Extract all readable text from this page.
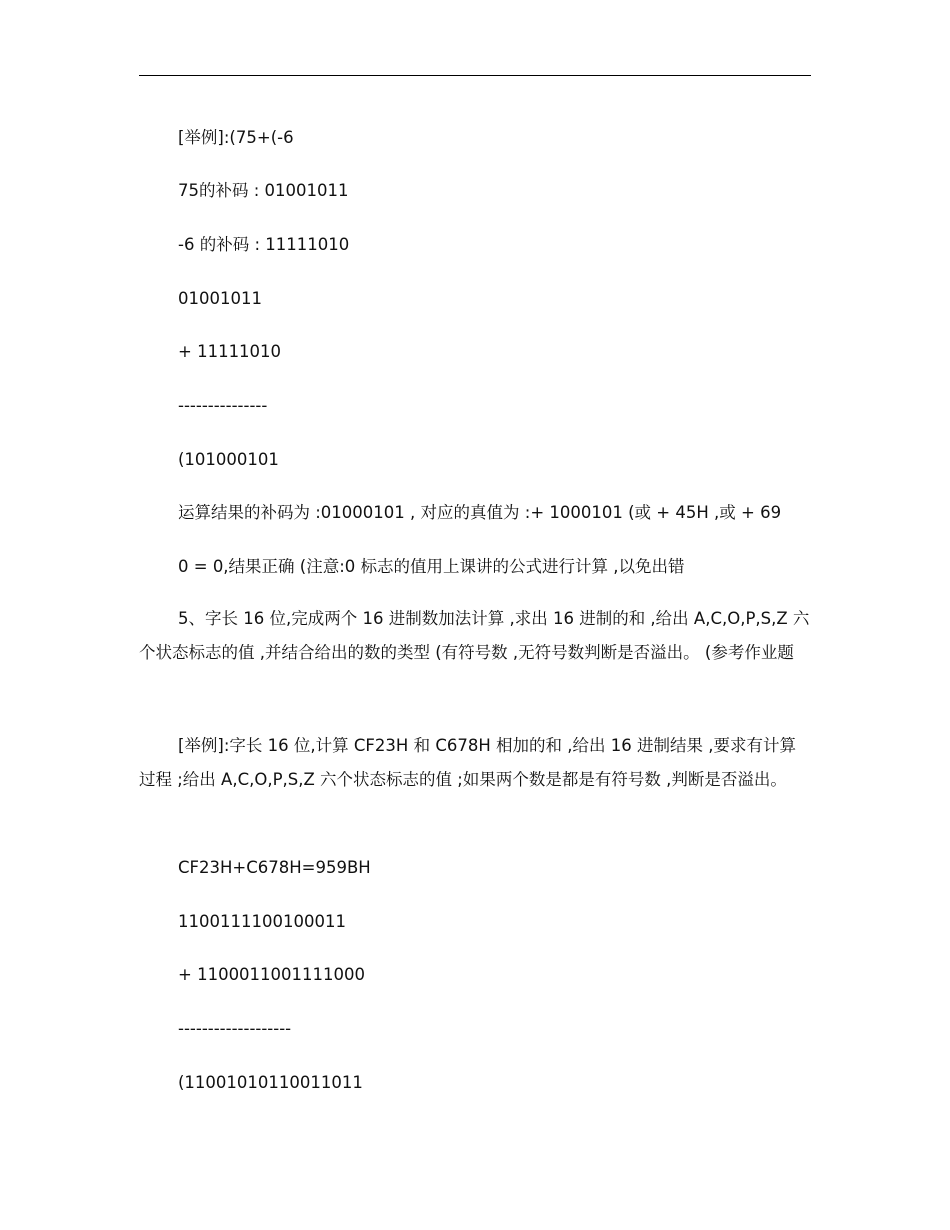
[举例]:(75+(-6
75的补码 : 01001011
-6 的补码 : 11111010
01001011
+ 11111010
---------------
(101000101
运算结果的补码为 :01000101 , 对应的真值为 :+ 1000101 (或 + 45H ,或 + 69
0 = 0,结果正确 (注意:0 标志的值用上课讲的公式进行计算 ,以免出错
5、字长 16 位,完成两个 16 进制数加法计算 ,求出 16 进制的和 ,给出 A,C,O,P,S,Z 六个状态标志的值 ,并结合给出的数的类型 (有符号数 ,无符号数判断是否溢出。 (参考作业题
[举例]:字长 16 位,计算 CF23H 和 C678H 相加的和 ,给出 16 进制结果 ,要求有计算过程 ;给出 A,C,O,P,S,Z 六个状态标志的值 ;如果两个数是都是有符号数 ,判断是否溢出。
CF23H+C678H=959BH
1100111100100011
+ 1100011001111000
-------------------
(11001010110011011
